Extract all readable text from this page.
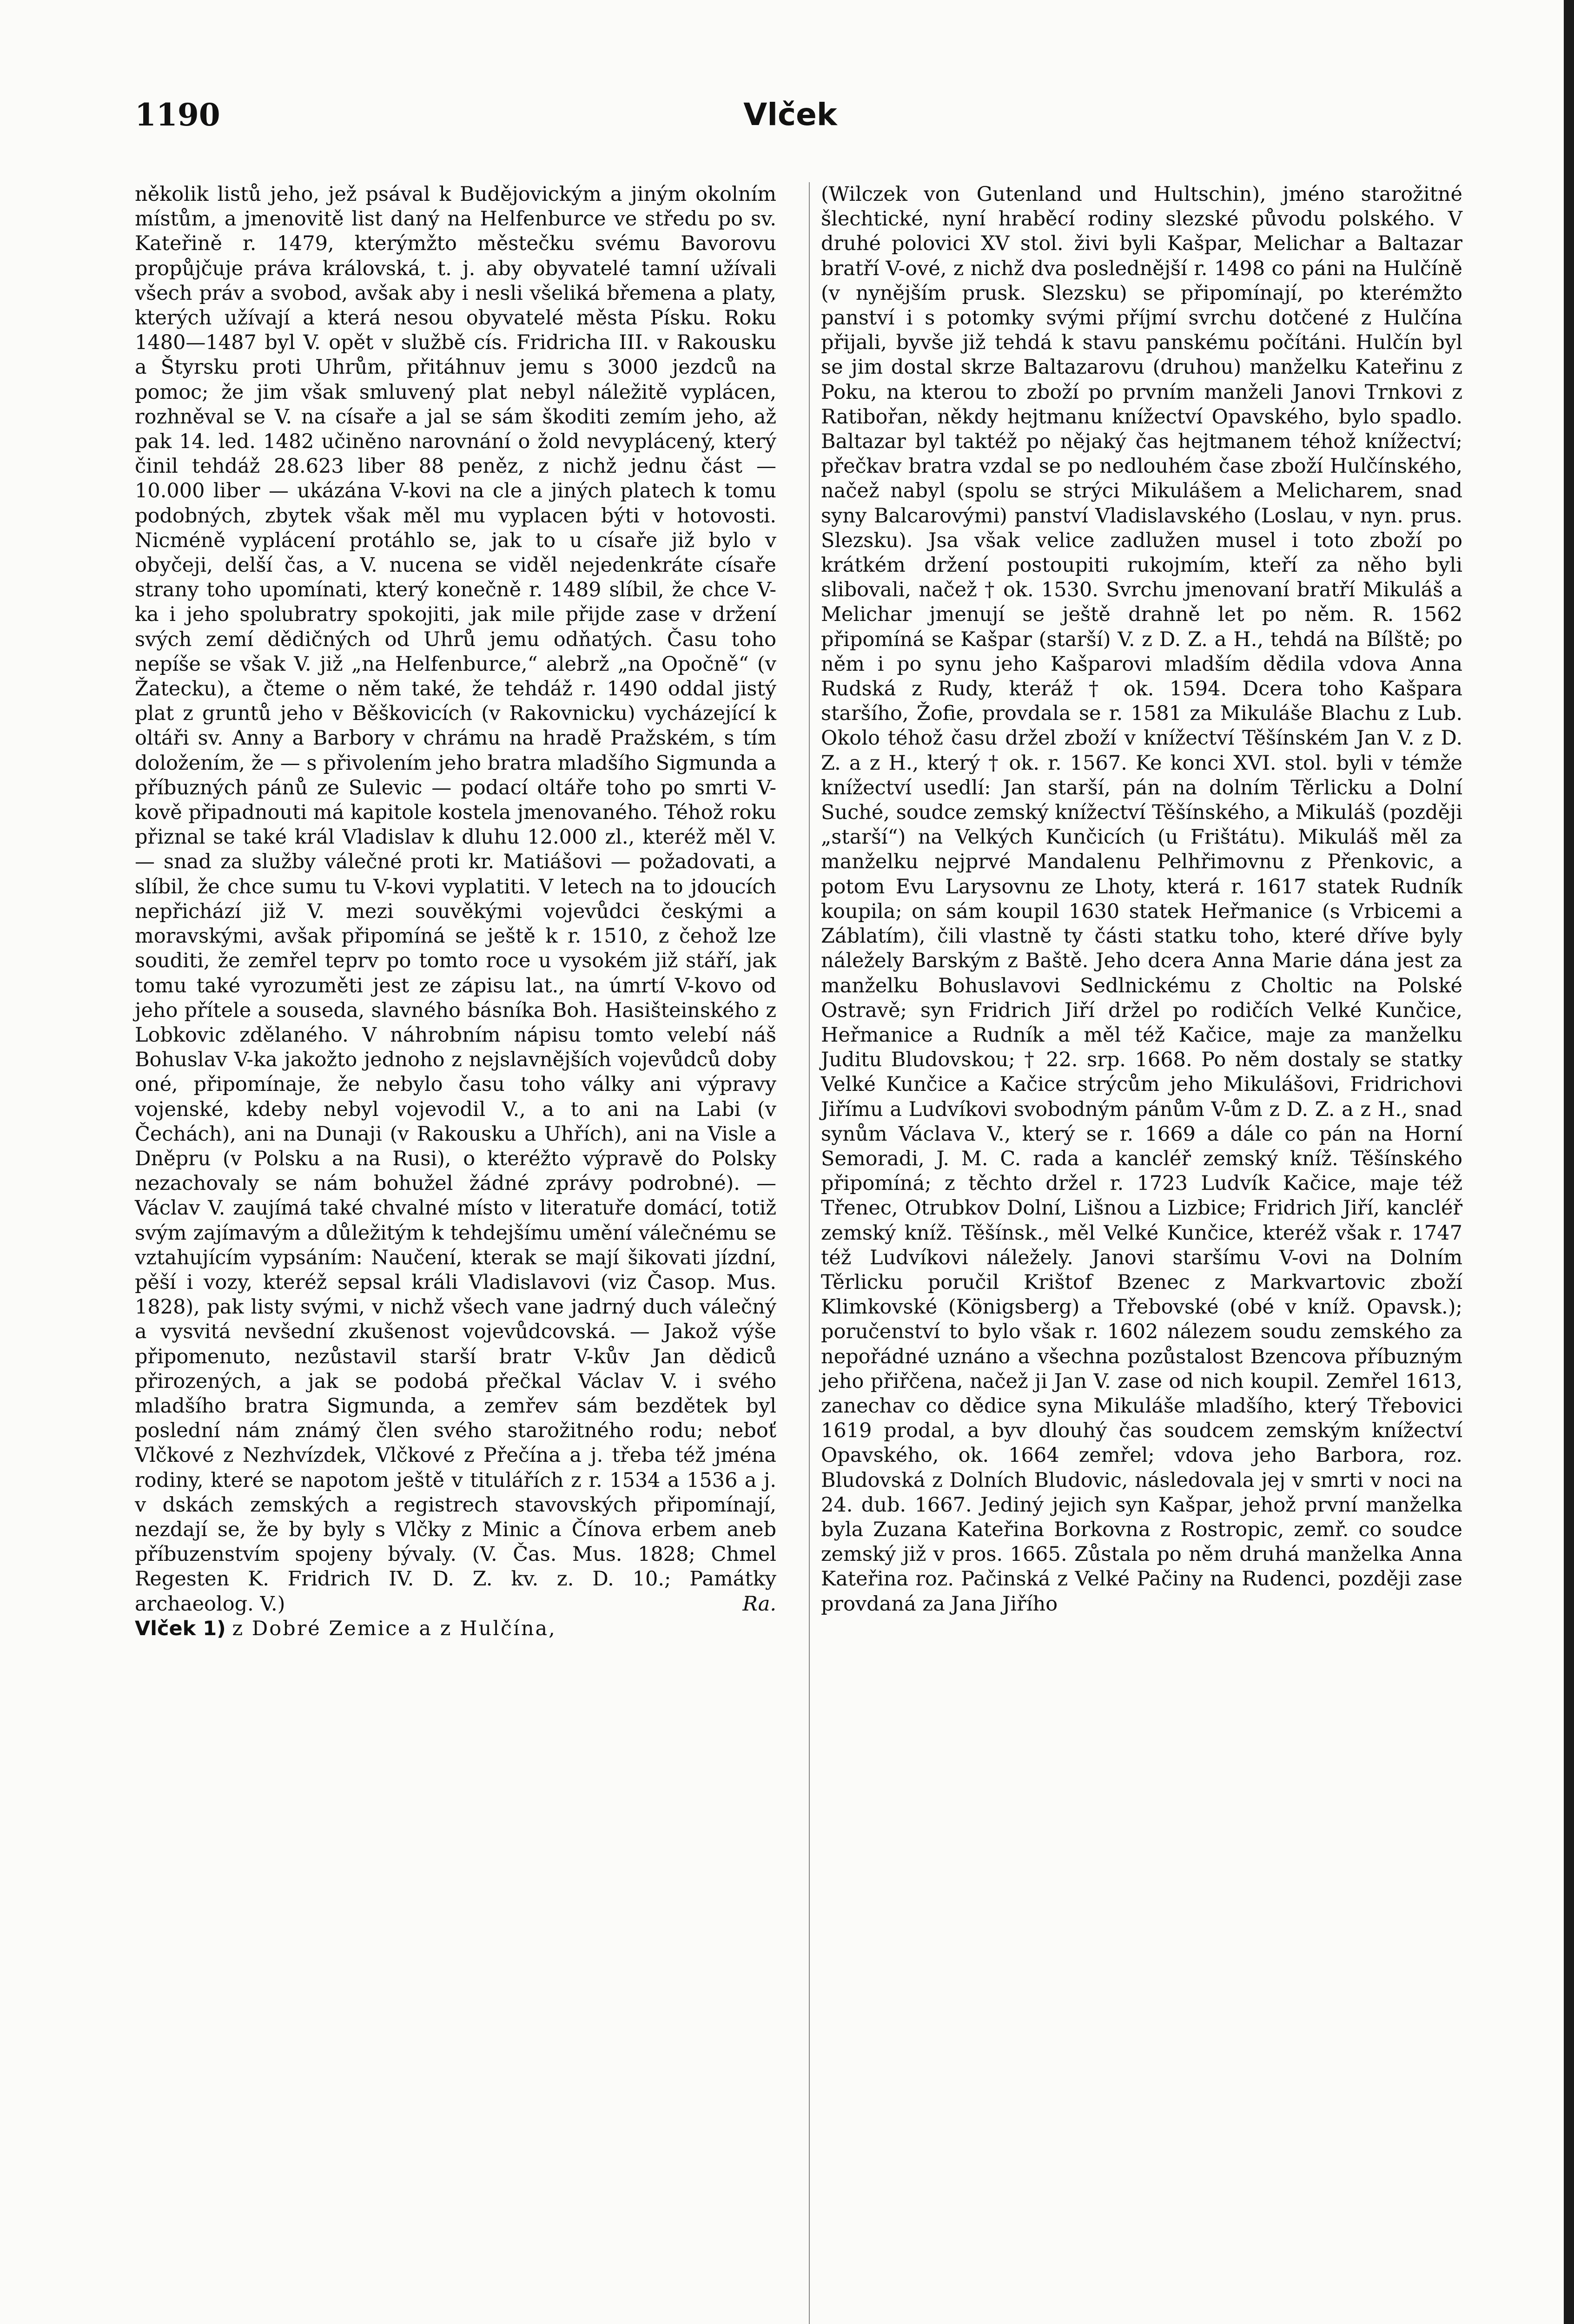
1190	Vlček

několik listů jeho, jež psával k Budějovickým a jiným okolním místům, a jmenovitě list daný na Helfenburce ve středu po sv. Kateřině r. 1479, kterýmžto městečku svému Bavorovu propůjčuje práva královská, t. j. aby obyvatelé tamní užívali všech práv a svobod, avšak aby i nesli všeliká břemena a platy, kterých užívají a která nesou obyvatelé města Písku. Roku 1480—1487 byl V. opět v službě cís. Fridricha III. v Rakousku a Štyrsku proti Uhrům, přitáhnuv jemu s 3000 jezdců na pomoc; že jim však smluvený plat nebyl náležitě vyplácen, rozhněval se V. na císaře a jal se sám škoditi zemím jeho, až pak 14. led. 1482 učiněno narovnání o žold nevyplácený, který činil tehdáž 28.623 liber 88 peněz, z nichž jednu část — 10.000 liber — ukázána V-kovi na cle a jiných platech k tomu podobných, zbytek však měl mu vyplacen býti v hotovosti. Nicméně vyplácení protáhlo se, jak to u císaře již bylo v obyčeji, delší čas, a V. nucena se viděl nejedenkráte císaře strany toho upomínati, který konečně r. 1489 slíbil, že chce V-ka i jeho spolubratry spokojiti, jak mile přijde zase v držení svých zemí dědičných od Uhrů jemu odňatých. Času toho nepíše se však V. již „na Helfenburce,“ alebrž „na Opočně“ (v Žatecku), a čteme o něm také, že tehdáž r. 1490 oddal jistý plat z gruntů jeho v Běškovicích (v Rakovnicku) vycházející k oltáři sv. Anny a Barbory v chrámu na hradě Pražském, s tím doložením, že — s přivolením jeho bratra mladšího Sigmunda a příbuzných pánů ze Sulevic — podací oltáře toho po smrti V-kově připadnouti má kapitole kostela jmenovaného. Téhož roku přiznal se také král Vladislav k dluhu 12.000 zl., kteréž měl V. — snad za služby válečné proti kr. Matiášovi — požadovati, a slíbil, že chce sumu tu V-kovi vyplatiti. V letech na to jdoucích nepřichází již V. mezi souvěkými vojevůdci českými a moravskými, avšak připomíná se ještě k r. 1510, z čehož lze souditi, že zemřel teprv po tomto roce u vysokém již stáří, jak tomu také vyrozuměti jest ze zápisu lat., na úmrtí V-kovo od jeho přítele a souseda, slavného básníka Boh. Hasišteinského z Lobkovic zdělaného. V náhrobním nápisu tomto velebí náš Bohuslav V-ka jakožto jednoho z nejslavnějších vojevůdců doby oné, připomínaje, že nebylo času toho války ani výpravy vojenské, kdeby nebyl vojevodil V., a to ani na Labi (v Čechách), ani na Dunaji (v Rakousku a Uhřích), ani na Visle a Dněpru (v Polsku a na Rusi), o kteréžto výpravě do Polsky nezachovaly se nám bohužel žádné zprávy podrobné). — Václav V. zaujímá také chvalné místo v literatuře domácí, totiž svým zajímavým a důležitým k tehdejšímu umění válečnému se vztahujícím vypsáním: Naučení, kterak se mají šikovati jízdní, pěší i vozy, kteréž sepsal králi Vladislavovi (viz Časop. Mus. 1828), pak listy svými, v nichž všech vane jadrný duch válečný a vysvitá nevšední zkušenost vojevůdcovská. — Jakož výše připomenuto, nezůstavil starší bratr V-kův Jan dědiců přirozených, a jak se podobá přečkal Václav V. i svého mladšího bratra Sigmunda, a zemřev sám bezdětek byl poslední nám známý člen svého starožitného rodu; neboť Vlčkové z Nezhvízdek, Vlčkové z Přečína a j. třeba též jména rodiny, které se napotom ještě v titulářích z r. 1534 a 1536 a j. v dskách zemských a registrech stavovských připomínají, nezdají se, že by byly s Vlčky z Minic a Čínova erbem aneb příbuzenstvím spojeny bývaly. (V. Čas. Mus. 1828; Chmel Regesten K. Fridrich IV. D. Z. kv. z. D. 10.; Památky archaeolog. V.)	Ra.

Vlček 1) z Dobré Zemice a z Hulčína,

(Wilczek von Gutenland und Hultschin), jméno starožitné šlechtické, nyní hraběcí rodiny slezské původu polského. V druhé polovici XV stol. živi byli Kašpar, Melichar a Baltazar bratří V-ové, z nichž dva poslednější r. 1498 co páni na Hulčíně (v nynějším prusk. Slezsku) se připomínají, po kterémžto panství i s potomky svými příjmí svrchu dotčené z Hulčína přijali, byvše již tehdá k stavu panskému počítáni. Hulčín byl se jim dostal skrze Baltazarovu (druhou) manželku Kateřinu z Poku, na kterou to zboží po prvním manželi Janovi Trnkovi z Ratibořan, někdy hejtmanu knížectví Opavského, bylo spadlo. Baltazar byl taktéž po nějaký čas hejtmanem téhož knížectví; přečkav bratra vzdal se po nedlouhém čase zboží Hulčínského, načež nabyl (spolu se strýci Mikulášem a Melicharem, snad syny Balcarovými) panství Vladislavského (Loslau, v nyn. prus. Slezsku). Jsa však velice zadlužen musel i toto zboží po krátkém držení postoupiti rukojmím, kteří za něho byli slibovali, načež † ok. 1530. Svrchu jmenovaní bratří Mikuláš a Melichar jmenují se ještě drahně let po něm. R. 1562 připomíná se Kašpar (starší) V. z D. Z. a H., tehdá na Bílště; po něm i po synu jeho Kašparovi mladším dědila vdova Anna Rudská z Rudy, kteráž † ok. 1594. Dcera toho Kašpara staršího, Žofie, provdala se r. 1581 za Mikuláše Blachu z Lub. Okolo téhož času držel zboží v knížectví Těšínském Jan V. z D. Z. a z H., který † ok. r. 1567. Ke konci XVI. stol. byli v témže knížectví usedlí: Jan starší, pán na dolním Těrlicku a Dolní Suché, soudce zemský knížectví Těšínského, a Mikuláš (později „starší“) na Velkých Kunčicích (u Frištátu). Mikuláš měl za manželku nejprvé Mandalenu Pelhřimovnu z Přenkovic, a potom Evu Larysovnu ze Lhoty, která r. 1617 statek Rudník koupila; on sám koupil 1630 statek Heřmanice (s Vrbicemi a Záblatím), čili vlastně ty části statku toho, které dříve byly náležely Barským z Baště. Jeho dcera Anna Marie dána jest za manželku Bohuslavovi Sedlnickému z Choltic na Polské Ostravě; syn Fridrich Jiří držel po rodičích Velké Kunčice, Heřmanice a Rudník a měl též Kačice, maje za manželku Juditu Bludovskou; † 22. srp. 1668. Po něm dostaly se statky Velké Kunčice a Kačice strýcům jeho Mikulášovi, Fridrichovi Jiřímu a Ludvíkovi svobodným pánům V-ům z D. Z. a z H., snad synům Václava V., který se r. 1669 a dále co pán na Horní Semoradi, J. M. C. rada a kancléř zemský kníž. Těšínského připomíná; z těchto držel r. 1723 Ludvík Kačice, maje též Třenec, Otrubkov Dolní, Lišnou a Lizbice; Fridrich Jiří, kancléř zemský kníž. Těšínsk., měl Velké Kunčice, kteréž však r. 1747 též Ludvíkovi náležely. Janovi staršímu V-ovi na Dolním Těrlicku poručil Krištof Bzenec z Markvartovic zboží Klimkovské (Königsberg) a Třebovské (obé v kníž. Opavsk.); poručenství to bylo však r. 1602 nálezem soudu zemského za nepořádné uznáno a všechna pozůstalost Bzencova příbuzným jeho přiřčena, načež ji Jan V. zase od nich koupil. Zemřel 1613, zanechav co dědice syna Mikuláše mladšího, který Třebovici 1619 prodal, a byv dlouhý čas soudcem zemským knížectví Opavského, ok. 1664 zemřel; vdova jeho Barbora, roz. Bludovská z Dolních Bludovic, následovala jej v smrti v noci na 24. dub. 1667. Jediný jejich syn Kašpar, jehož první manželka byla Zuzana Kateřina Borkovna z Rostropic, zemř. co soudce zemský již v pros. 1665. Zůstala po něm druhá manželka Anna Kateřina roz. Pačinská z Velké Pačiny na Rudenci, později zase provdaná za Jana Jiřího
